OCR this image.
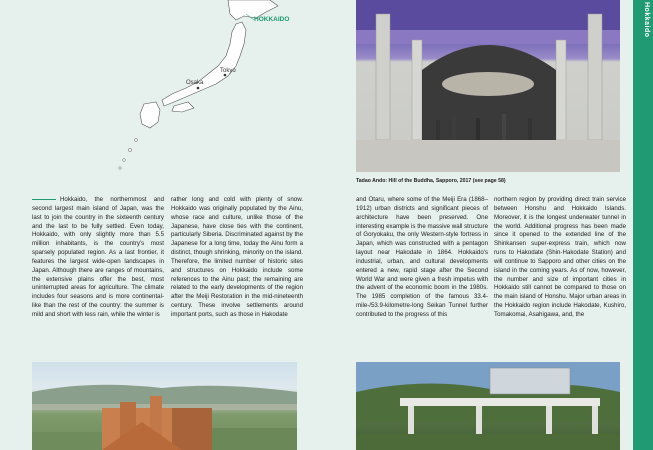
Hokkaido
HOKKAIDO
Tokyo
Osaka
Tadao Ando: Hill of the Buddha, Sapporo, 2017 (see page 58)

Hokkaido, the northernmost and second largest main island of Japan, was the last to join the country in the sixteenth century and the last to be fully settled. Even today, Hokkaido, with only slightly more than 5.5 million inhabitants, is the country's most sparsely populated region. As a last frontier, it features the largest wide-open landscapes in Japan. Although there are ranges of mountains, the extensive plains offer the best, most uninterrupted areas for agriculture. The climate includes four seasons and is more continental-like than the rest of the country: the summer is mild and short with less rain, while the winter is

rather long and cold with plenty of snow. Hokkaido was originally populated by the Ainu, whose race and culture, unlike those of the Japanese, have close ties with the continent, particularly Siberia. Discriminated against by the Japanese for a long time, today the Ainu form a distinct, though shrinking, minority on the island. Therefore, the limited number of historic sites and structures on Hokkaido include some references to the Ainu past; the remaining are related to the early developments of the region after the Meiji Restoration in the mid-nineteenth century. These involve settlements around important ports, such as those in Hakodate

and Otaru, where some of the Meiji Era (1868–1912) urban districts and significant pieces of architecture have been preserved. One interesting example is the massive wall structure of Goryokaku, the only Western-style fortress in Japan, which was constructed with a pentagon layout near Hakodate in 1864. Hokkaido's industrial, urban, and cultural developments entered a new, rapid stage after the Second World War and were given a fresh impetus with the advent of the economic boom in the 1980s. The 1985 completion of the famous 33.4-mile-/53.9-kilometre-long Seikan Tunnel further contributed to the progress of this

northern region by providing direct train service between Honshu and Hokkaido Islands. Moreover, it is the longest underwater tunnel in the world. Additional progress has been made since it opened to the extended line of the Shinkansen super-express train, which now runs to Hakodate (Shin-Hakodate Station) and will continue to Sapporo and other cities on the island in the coming years. As of now, however, the number and size of important cities in Hokkaido still cannot be compared to those on the main island of Honshu. Major urban areas in the Hokkaido region include Hakodate, Kushiro, Tomakomai, Asahigawa, and, the
